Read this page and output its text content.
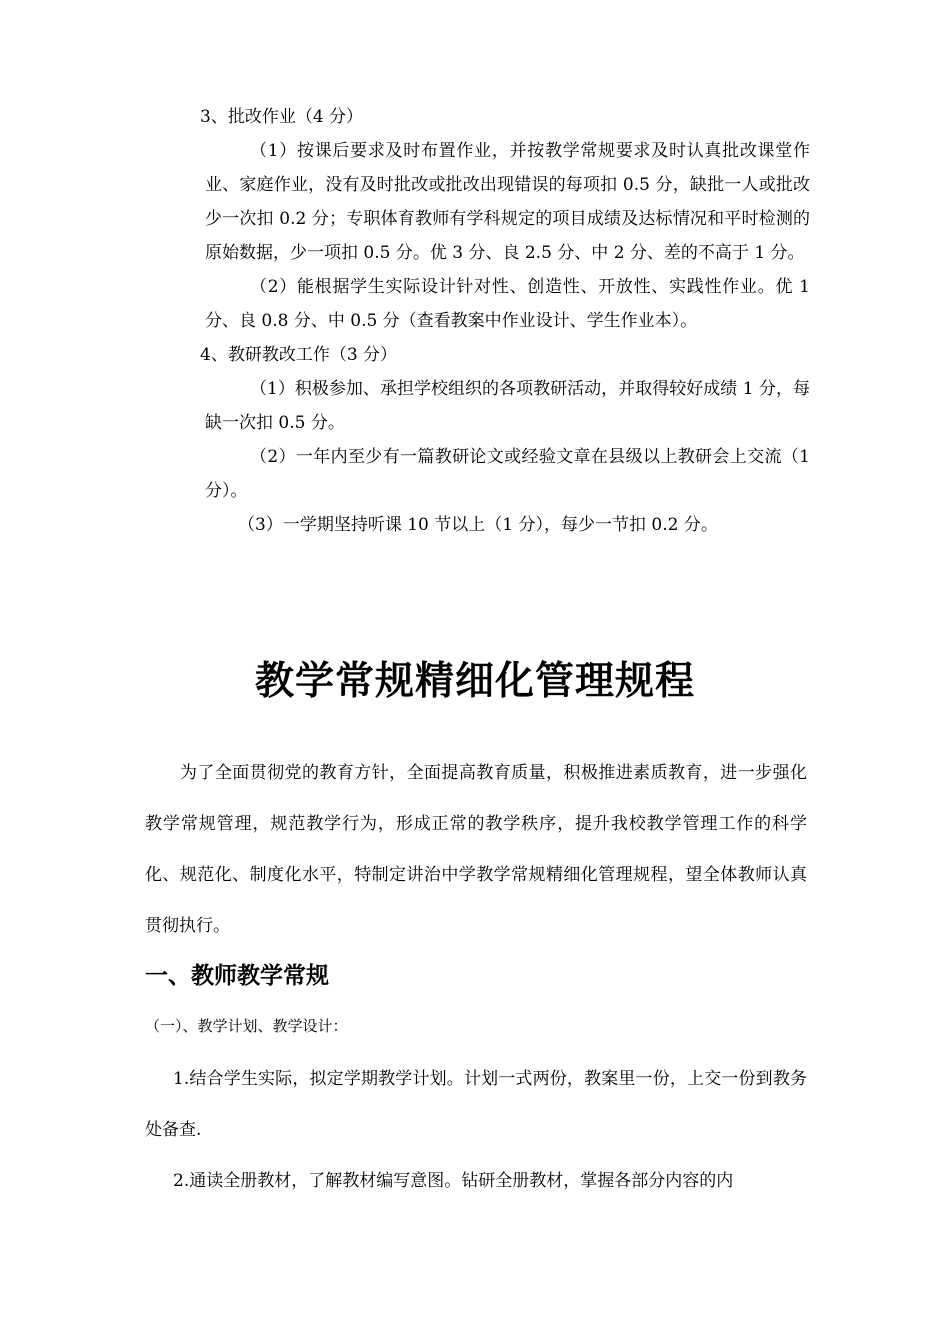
3、批改作业（4 分）

（1）按课后要求及时布置作业，并按教学常规要求及时认真批改课堂作业、家庭作业，没有及时批改或批改出现错误的每项扣 0.5 分，缺批一人或批改少一次扣 0.2 分；专职体育教师有学科规定的项目成绩及达标情况和平时检测的原始数据，少一项扣 0.5 分。优 3 分、良 2.5 分、中 2 分、差的不高于 1 分。

（2）能根据学生实际设计针对性、创造性、开放性、实践性作业。优 1 分、良 0.8 分、中 0.5 分（查看教案中作业设计、学生作业本）。

4、教研教改工作（3 分）

（1）积极参加、承担学校组织的各项教研活动，并取得较好成绩 1 分，每缺一次扣 0.5 分。

（2）一年内至少有一篇教研论文或经验文章在县级以上教研会上交流（1 分）。

（3）一学期坚持听课 10 节以上（1 分），每少一节扣 0.2 分。

教学常规精细化管理规程

为了全面贯彻党的教育方针，全面提高教育质量，积极推进素质教育，进一步强化教学常规管理，规范教学行为，形成正常的教学秩序，提升我校教学管理工作的科学化、规范化、制度化水平，特制定讲治中学教学常规精细化管理规程，望全体教师认真贯彻执行。

一、教师教学常规

（一）、教学计划、教学设计：

1.结合学生实际，拟定学期教学计划。计划一式两份，教案里一份，上交一份到教务处备查.

2.通读全册教材，了解教材编写意图。钻研全册教材，掌握各部分内容的内
